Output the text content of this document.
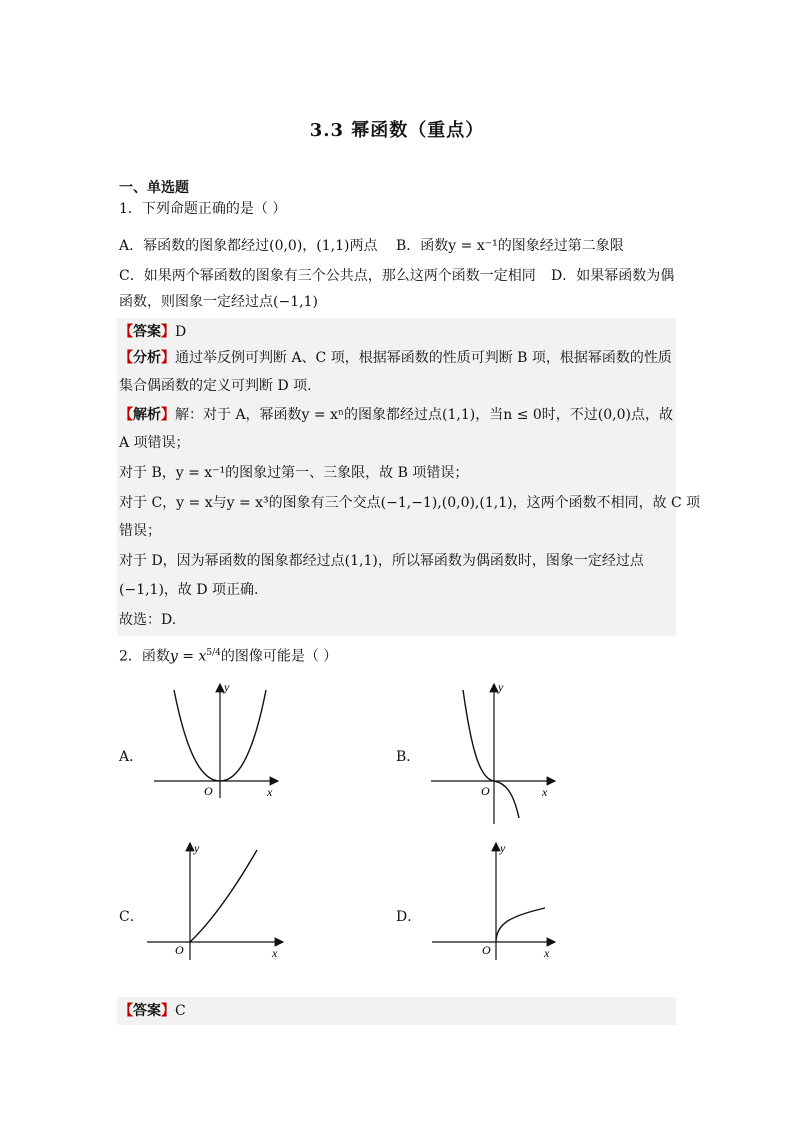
3.3 幂函数（重点）
一、单选题
1．下列命题正确的是（ ）
A．幂函数的图象都经过(0,0)，(1,1)两点 B．函数y = x⁻¹的图象经过第二象限
C．如果两个幂函数的图象有三个公共点，那么这两个函数一定相同 D．如果幂函数为偶
函数，则图象一定经过点(−1,1)
【答案】D
【分析】通过举反例可判断 A、C 项，根据幂函数的性质可判断 B 项，根据幂函数的性质
集合偶函数的定义可判断 D 项.
【解析】解：对于 A，幂函数y = xⁿ的图象都经过点(1,1)，当n ≤ 0时，不过(0,0)点，故
A 项错误；
对于 B，y = x⁻¹的图象过第一、三象限，故 B 项错误；
对于 C，y = x与y = x³的图象有三个交点(−1,−1),(0,0),(1,1)，这两个函数不相同，故 C 项
错误；
对于 D，因为幂函数的图象都经过点(1,1)，所以幂函数为偶函数时，图象一定经过点
(−1,1)，故 D 项正确.
故选：D.
2．函数$y = x^{5/4}$的图像可能是（ ）
A．	B．
C．	D．
y
x
O
y
x
O
y
x
O
y
x
O
【答案】C
